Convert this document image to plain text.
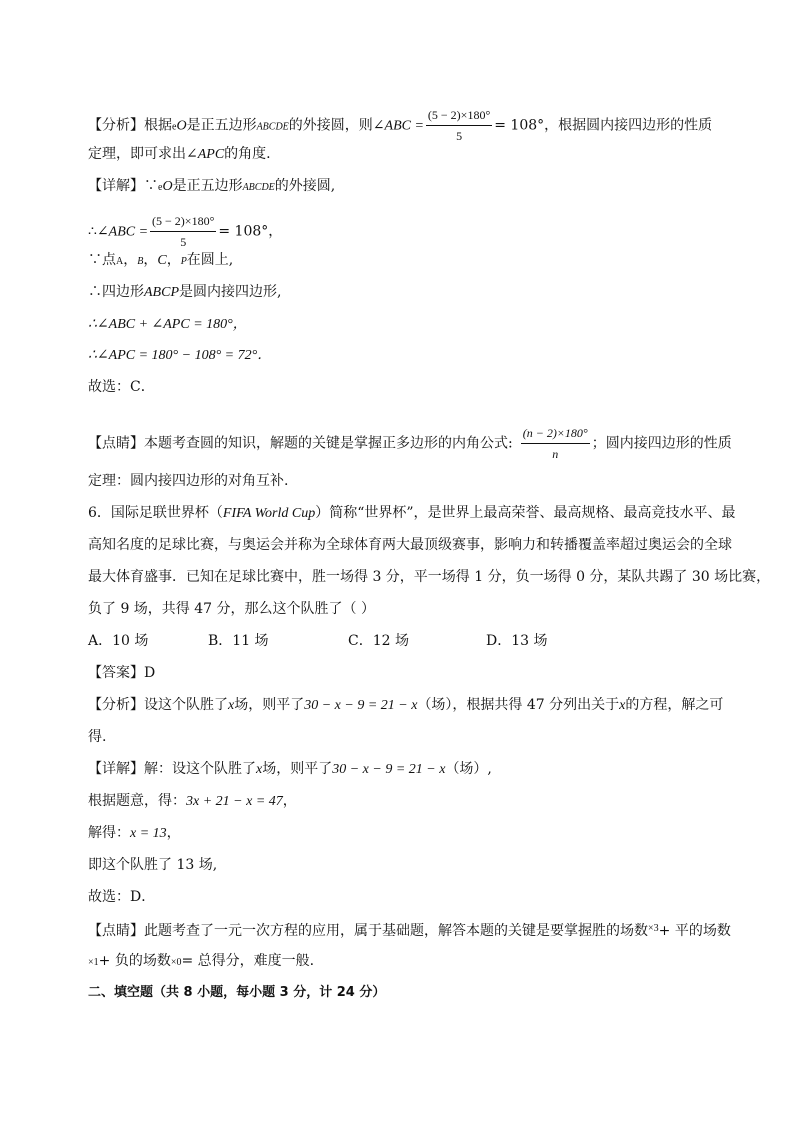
【分析】根据eO是正五边形ABCDE的外接圆，则∠ABC = $\frac{(5 - 2)\times 180^\circ}{5} = 108^\circ$，根据圆内接四边形的性质
定理，即可求出∠APC的角度.
【详解】∵eO是正五边形ABCDE的外接圆,
∴∠ABC = $\frac{(5 - 2)\times 180^\circ}{5} = 108^\circ$，
∵点A，B，C，P在圆上,
∴四边形ABCP是圆内接四边形,
∴∠ABC + ∠APC = 180°，
∴∠APC = 180° − 108° = 72°．
故选：C．
【点睛】本题考查圆的知识，解题的关键是掌握正多边形的内角公式: $\frac{(n - 2)\times 180^\circ}{n}$ ；圆内接四边形的性质
定理：圆内接四边形的对角互补.
6．国际足联世界杯（FIFA World Cup）简称“世界杯”，是世界上最高荣誉、最高规格、最高竞技水平、最
高知名度的足球比赛，与奥运会并称为全球体育两大最顶级赛事，影响力和转播覆盖率超过奥运会的全球
最大体育盛事．已知在足球比赛中，胜一场得 3 分，平一场得 1 分，负一场得 0 分，某队共踢了 30 场比赛，
负了 9 场，共得 47 分，那么这个队胜了（ ）
A．10 场	B．11 场	C．12 场	D．13 场
【答案】D
【分析】设这个队胜了x场，则平了30 − x − 9 = 21 − x（场），根据共得 47 分列出关于x的方程，解之可
得.
【详解】解：设这个队胜了x场，则平了30 − x − 9 = 21 − x（场）,
根据题意，得：3x + 21 − x = 47，
解得：x = 13，
即这个队胜了 13 场,
故选：D．
【点睛】此题考查了一元一次方程的应用，属于基础题，解答本题的关键是要掌握胜的场数$^{\times 3}$+ 平的场数
×1+ 负的场数×0= 总得分，难度一般.
二、填空题（共 8 小题，每小题 3 分，计 24 分）
